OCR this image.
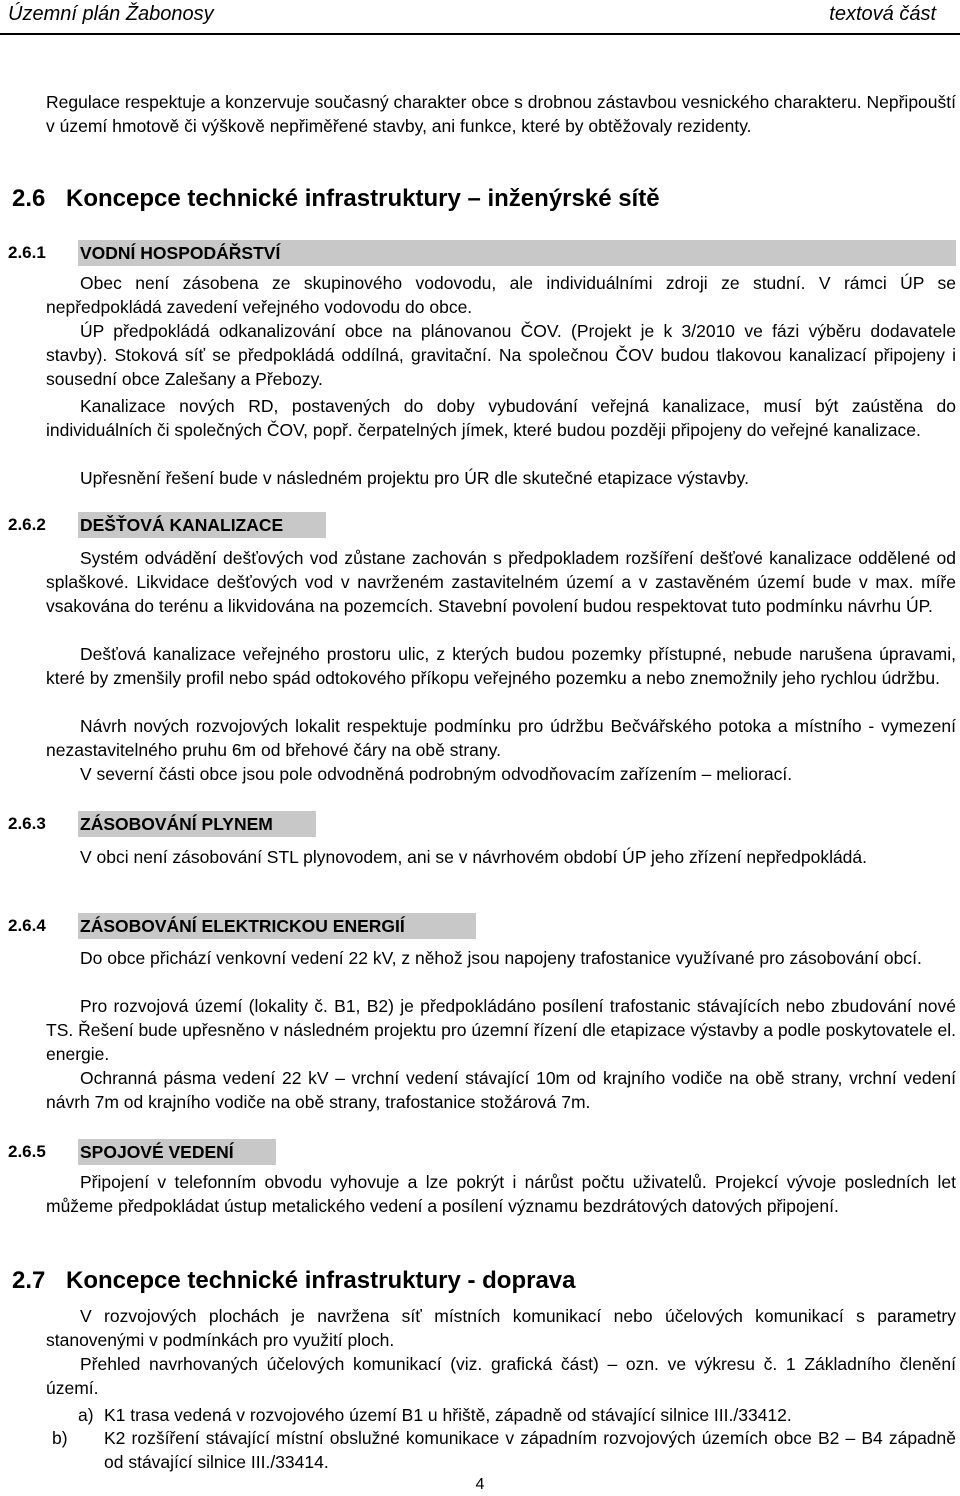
Územní plán Žabonosy	textová část

Regulace respektuje a konzervuje současný charakter obce s drobnou zástavbou vesnického charakteru. Nepřipouští v území hmotově či výškově nepřiměřené stavby, ani funkce, které by obtěžovaly rezidenty.

2.6 Koncepce technické infrastruktury – inženýrské sítě
2.6.1 VODNÍ HOSPODÁŘSTVÍ

Obec není zásobena ze skupinového vodovodu, ale individuálními zdroji ze studní. V rámci ÚP se nepředpokládá zavedení veřejného vodovodu do obce.

ÚP předpokládá odkanalizování obce na plánovanou ČOV. (Projekt je k 3/2010 ve fázi výběru dodavatele stavby). Stoková síť se předpokládá oddílná, gravitační. Na společnou ČOV budou tlakovou kanalizací připojeny i sousední obce Zalešany a Přebozy.

Kanalizace nových RD, postavených do doby vybudování veřejná kanalizace, musí být zaústěna do individuálních či společných ČOV, popř. čerpatelných jímek, které budou později připojeny do veřejné kanalizace.

Upřesnění řešení bude v následném projektu pro ÚR dle skutečné etapizace výstavby.

2.6.2 DEŠŤOVÁ KANALIZACE

Systém odvádění dešťových vod zůstane zachován s předpokladem rozšíření dešťové kanalizace oddělené od splaškové. Likvidace dešťových vod v navrženém zastavitelném území a v zastavěném území bude v max. míře vsakována do terénu a likvidována na pozemcích. Stavební povolení budou respektovat tuto podmínku návrhu ÚP.

Dešťová kanalizace veřejného prostoru ulic, z kterých budou pozemky přístupné, nebude narušena úpravami, které by zmenšily profil nebo spád odtokového příkopu veřejného pozemku a nebo znemožnily jeho rychlou údržbu.

Návrh nových rozvojových lokalit respektuje podmínku pro údržbu Bečvářského potoka a místního - vymezení nezastavitelného pruhu 6m od břehové čáry na obě strany.

V severní části obce jsou pole odvodněná podrobným odvodňovacím zařízením – meliorací.

2.6.3 ZÁSOBOVÁNÍ PLYNEM

V obci není zásobování STL plynovodem, ani se v návrhovém období ÚP jeho zřízení nepředpokládá.

2.6.4 ZÁSOBOVÁNÍ ELEKTRICKOU ENERGIÍ

Do obce přichází venkovní vedení 22 kV, z něhož jsou napojeny trafostanice využívané pro zásobování obcí.

Pro rozvojová území (lokality č. B1, B2) je předpokládáno posílení trafostanic stávajících nebo zbudování nové TS. Řešení bude upřesněno v následném projektu pro územní řízení dle etapizace výstavby a podle poskytovatele el. energie.

Ochranná pásma vedení 22 kV – vrchní vedení stávající 10m od krajního vodiče na obě strany, vrchní vedení návrh 7m od krajního vodiče na obě strany, trafostanice stožárová 7m.

2.6.5 SPOJOVÉ VEDENÍ

Připojení v telefonním obvodu vyhovuje a lze pokrýt i nárůst počtu uživatelů. Projekcí vývoje posledních let můžeme předpokládat ústup metalického vedení a posílení významu bezdrátových datových připojení.

2.7 Koncepce technické infrastruktury - doprava

V rozvojových plochách je navržena síť místních komunikací nebo účelových komunikací s parametry stanovenými v podmínkách pro využití ploch.

Přehled navrhovaných účelových komunikací (viz. grafická část) – ozn. ve výkresu č. 1 Základního členění území.

a) K1 trasa vedená v rozvojového území B1 u hřiště, západně od stávající silnice III./33412.

b) K2 rozšíření stávající místní obslužné komunikace v západním rozvojových územích obce B2 – B4 západně od stávající silnice III./33414.

4
